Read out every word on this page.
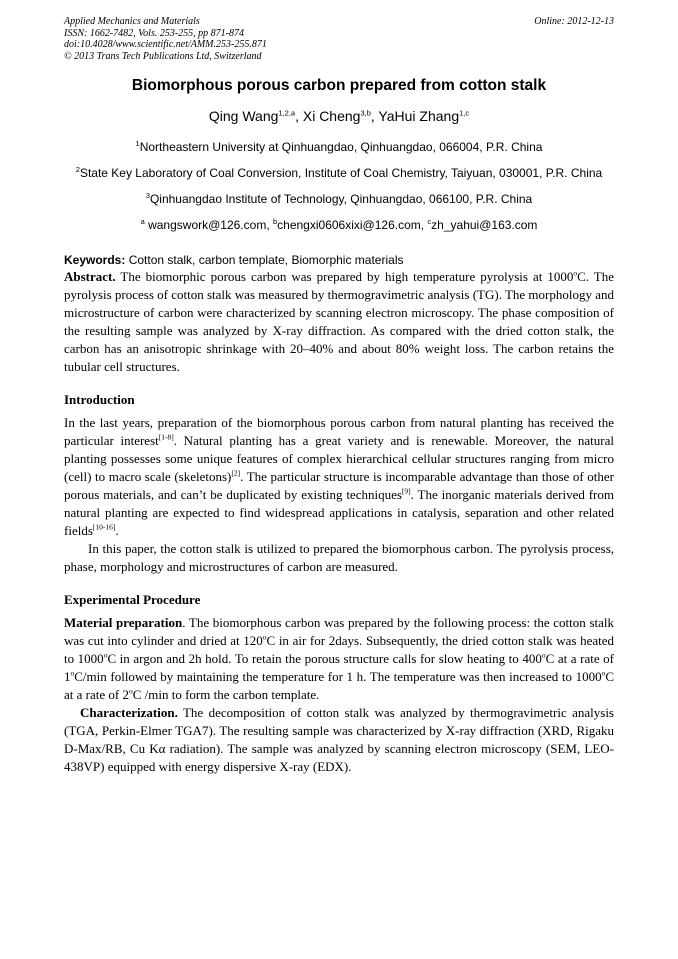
Applied Mechanics and Materials
ISSN: 1662-7482, Vols. 253-255, pp 871-874
doi:10.4028/www.scientific.net/AMM.253-255.871
© 2013 Trans Tech Publications Ltd, Switzerland
Online: 2012-12-13
Biomorphous porous carbon prepared from cotton stalk
Qing Wang$^{1,2,a}$, Xi Cheng$^{3,b}$, YaHui Zhang$^{1,c}$
$^1$Northeastern University at Qinhuangdao, Qinhuangdao, 066004, P.R. China
$^2$State Key Laboratory of Coal Conversion, Institute of Coal Chemistry, Taiyuan, 030001, P.R. China
$^3$Qinhuangdao Institute of Technology, Qinhuangdao, 066100, P.R. China
$^a$ wangswork@126.com, $^b$chengxi0606xixi@126.com, $^c$zh_yahui@163.com
Keywords: Cotton stalk, carbon template, Biomorphic materials

Abstract. The biomorphic porous carbon was prepared by high temperature pyrolysis at 1000$^o$C. The pyrolysis process of cotton stalk was measured by thermogravimetric analysis (TG). The morphology and microstructure of carbon were characterized by scanning electron microscopy. The phase composition of the resulting sample was analyzed by X-ray diffraction. As compared with the dried cotton stalk, the carbon has an anisotropic shrinkage with 20–40% and about 80% weight loss. The carbon retains the tubular cell structures.

Introduction

In the last years, preparation of the biomorphous porous carbon from natural planting has received the particular interest[1-8]. Natural planting has a great variety and is renewable. Moreover, the natural planting possesses some unique features of complex hierarchical cellular structures ranging from micro (cell) to macro scale (skeletons)[2]. The particular structure is incomparable advantage than those of other porous materials, and can’t be duplicated by existing techniques[9]. The inorganic materials derived from natural planting are expected to find widespread applications in catalysis, separation and other related fields[10-16].

In this paper, the cotton stalk is utilized to prepared the biomorphous carbon. The pyrolysis process, phase, morphology and microstructures of carbon are measured.

Experimental Procedure

Material preparation. The biomorphous carbon was prepared by the following process: the cotton stalk was cut into cylinder and dried at 120$^o$C in air for 2days. Subsequently, the dried cotton stalk was heated to 1000$^o$C in argon and 2h hold. To retain the porous structure calls for slow heating to 400$^o$C at a rate of 1$^o$C/min followed by maintaining the temperature for 1 h. The temperature was then increased to 1000$^o$C at a rate of 2$^o$C /min to form the carbon template.

Characterization. The decomposition of cotton stalk was analyzed by thermogravimetric analysis (TGA, Perkin-Elmer TGA7). The resulting sample was characterized by X-ray diffraction (XRD, Rigaku D-Max/RB, Cu Kα radiation). The sample was analyzed by scanning electron microscopy (SEM, LEO-438VP) equipped with energy dispersive X-ray (EDX).
